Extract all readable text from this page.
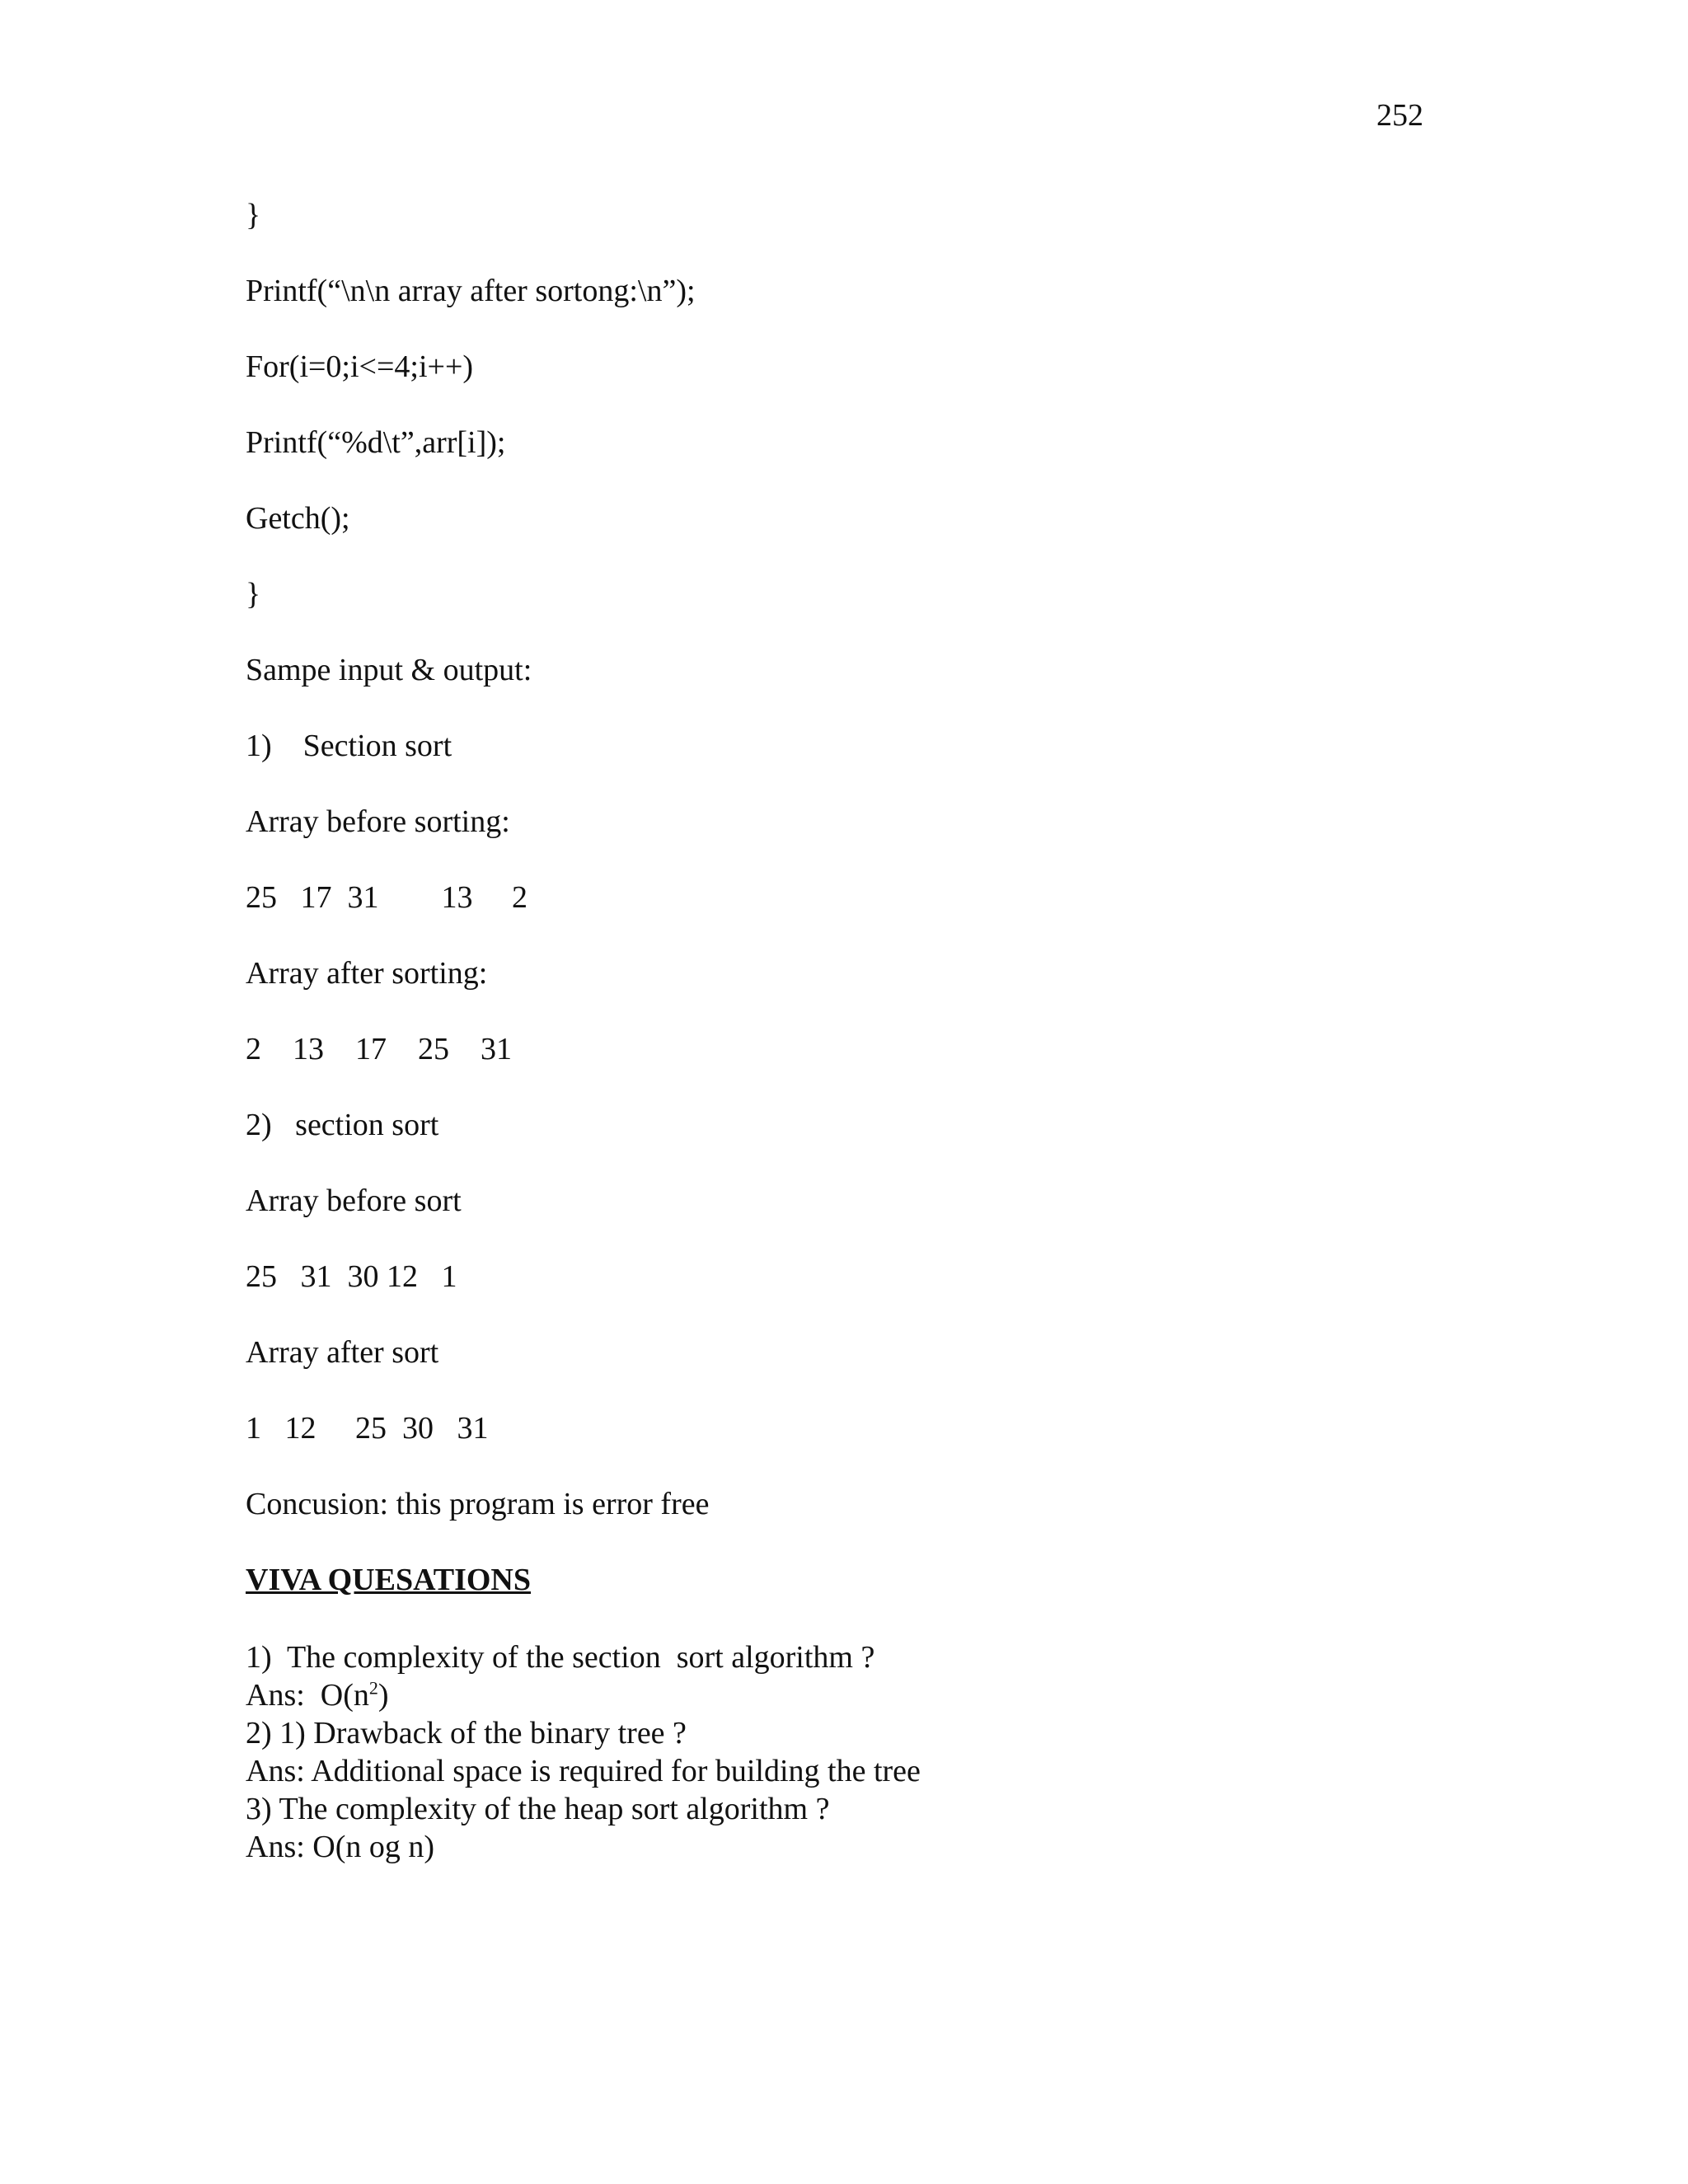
252
}
Printf(“\n\n array after sortong:\n”);
For(i=0;i<=4;i++)
Printf(“%d\t”,arr[i]);
Getch();
}
Sampe input & output:
1)    Section sort
Array before sorting:
25   17  31        13     2
Array after sorting:
2    13    17    25    31
2)   section sort
Array before sort
25   31  30 12   1
Array after sort
1   12     25  30   31
Concusion: this program is error free
VIVA QUESATIONS
1)  The complexity of the section  sort algorithm ?
Ans:  $O(n^2)$
2) 1) Drawback of the binary tree ?
Ans: Additional space is required for building the tree
3) The complexity of the heap sort algorithm ?
Ans: O(n og n)
